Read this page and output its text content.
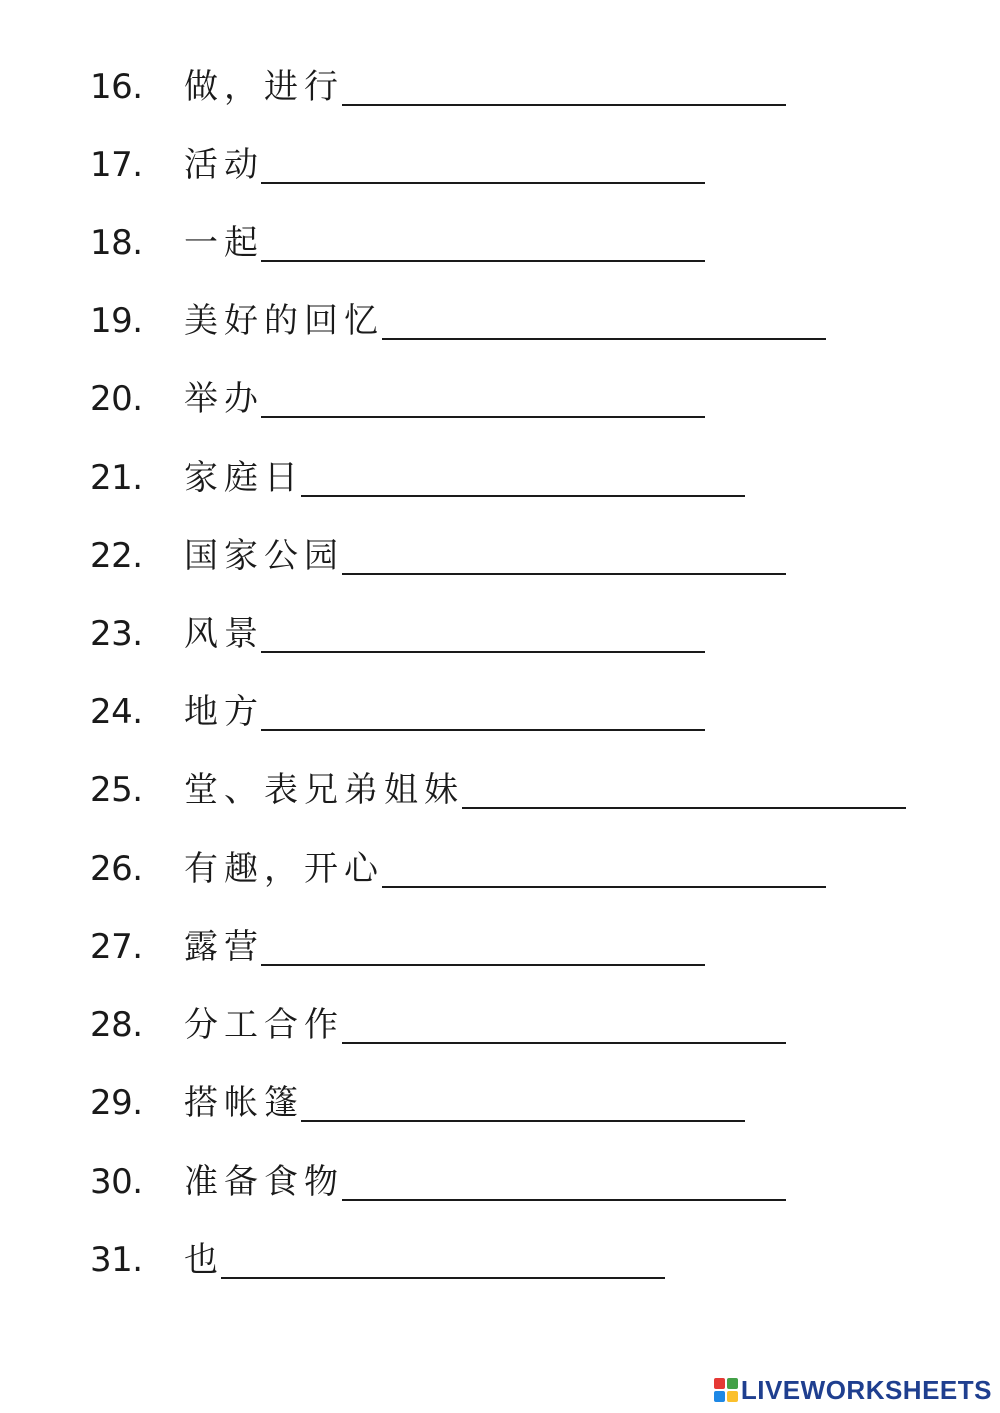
16. 做，进行
17. 活动
18. 一起
19. 美好的回忆
20. 举办
21. 家庭日
22. 国家公园
23. 风景
24. 地方
25. 堂、表兄弟姐妹
26. 有趣，开心
27. 露营
28. 分工合作
29. 搭帐篷
30. 准备食物
31. 也
LIVEWORKSHEETS
